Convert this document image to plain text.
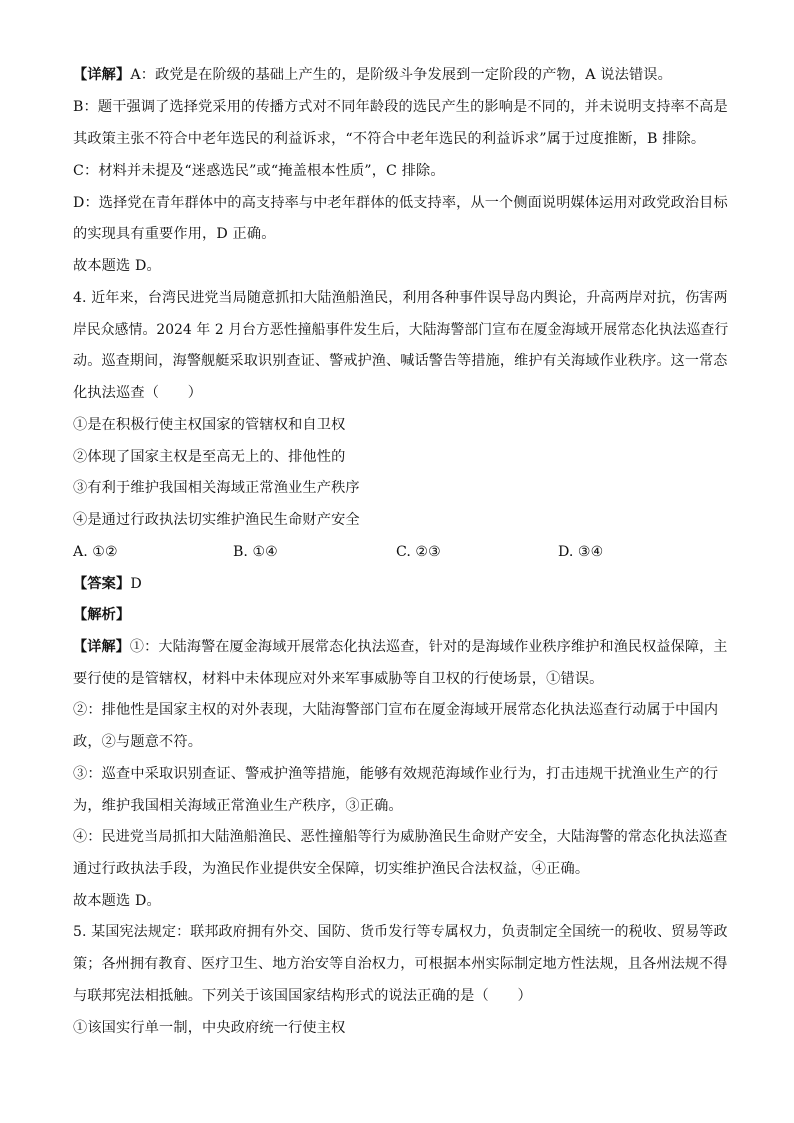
【详解】A：政党是在阶级的基础上产生的，是阶级斗争发展到一定阶段的产物，A 说法错误。
B：题干强调了选择党采用的传播方式对不同年龄段的选民产生的影响是不同的，并未说明支持率不高是
其政策主张不符合中老年选民的利益诉求，“不符合中老年选民的利益诉求”属于过度推断，B 排除。
C：材料并未提及“迷惑选民”或“掩盖根本性质”，C 排除。
D：选择党在青年群体中的高支持率与中老年群体的低支持率，从一个侧面说明媒体运用对政党政治目标
的实现具有重要作用，D 正确。
故本题选 D。
4. 近年来，台湾民进党当局随意抓扣大陆渔船渔民，利用各种事件误导岛内舆论，升高两岸对抗，伤害两
岸民众感情。2024 年 2 月台方恶性撞船事件发生后，大陆海警部门宣布在厦金海域开展常态化执法巡查行
动。巡查期间，海警舰艇采取识别查证、警戒护渔、喊话警告等措施，维护有关海域作业秩序。这一常态
化执法巡查（　　）
①是在积极行使主权国家的管辖权和自卫权
②体现了国家主权是至高无上的、排他性的
③有利于维护我国相关海域正常渔业生产秩序
④是通过行政执法切实维护渔民生命财产安全
A. ①②	B. ①④	C. ②③	D. ③④
【答案】D
【解析】
【详解】①：大陆海警在厦金海域开展常态化执法巡查，针对的是海域作业秩序维护和渔民权益保障，主
要行使的是管辖权，材料中未体现应对外来军事威胁等自卫权的行使场景，①错误。
②：排他性是国家主权的对外表现，大陆海警部门宣布在厦金海域开展常态化执法巡查行动属于中国内
政，②与题意不符。
③：巡查中采取识别查证、警戒护渔等措施，能够有效规范海域作业行为，打击违规干扰渔业生产的行
为，维护我国相关海域正常渔业生产秩序，③正确。
④：民进党当局抓扣大陆渔船渔民、恶性撞船等行为威胁渔民生命财产安全，大陆海警的常态化执法巡查
通过行政执法手段，为渔民作业提供安全保障，切实维护渔民合法权益，④正确。
故本题选 D。
5. 某国宪法规定：联邦政府拥有外交、国防、货币发行等专属权力，负责制定全国统一的税收、贸易等政
策；各州拥有教育、医疗卫生、地方治安等自治权力，可根据本州实际制定地方性法规，且各州法规不得
与联邦宪法相抵触。下列关于该国国家结构形式的说法正确的是（　　）
①该国实行单一制，中央政府统一行使主权
